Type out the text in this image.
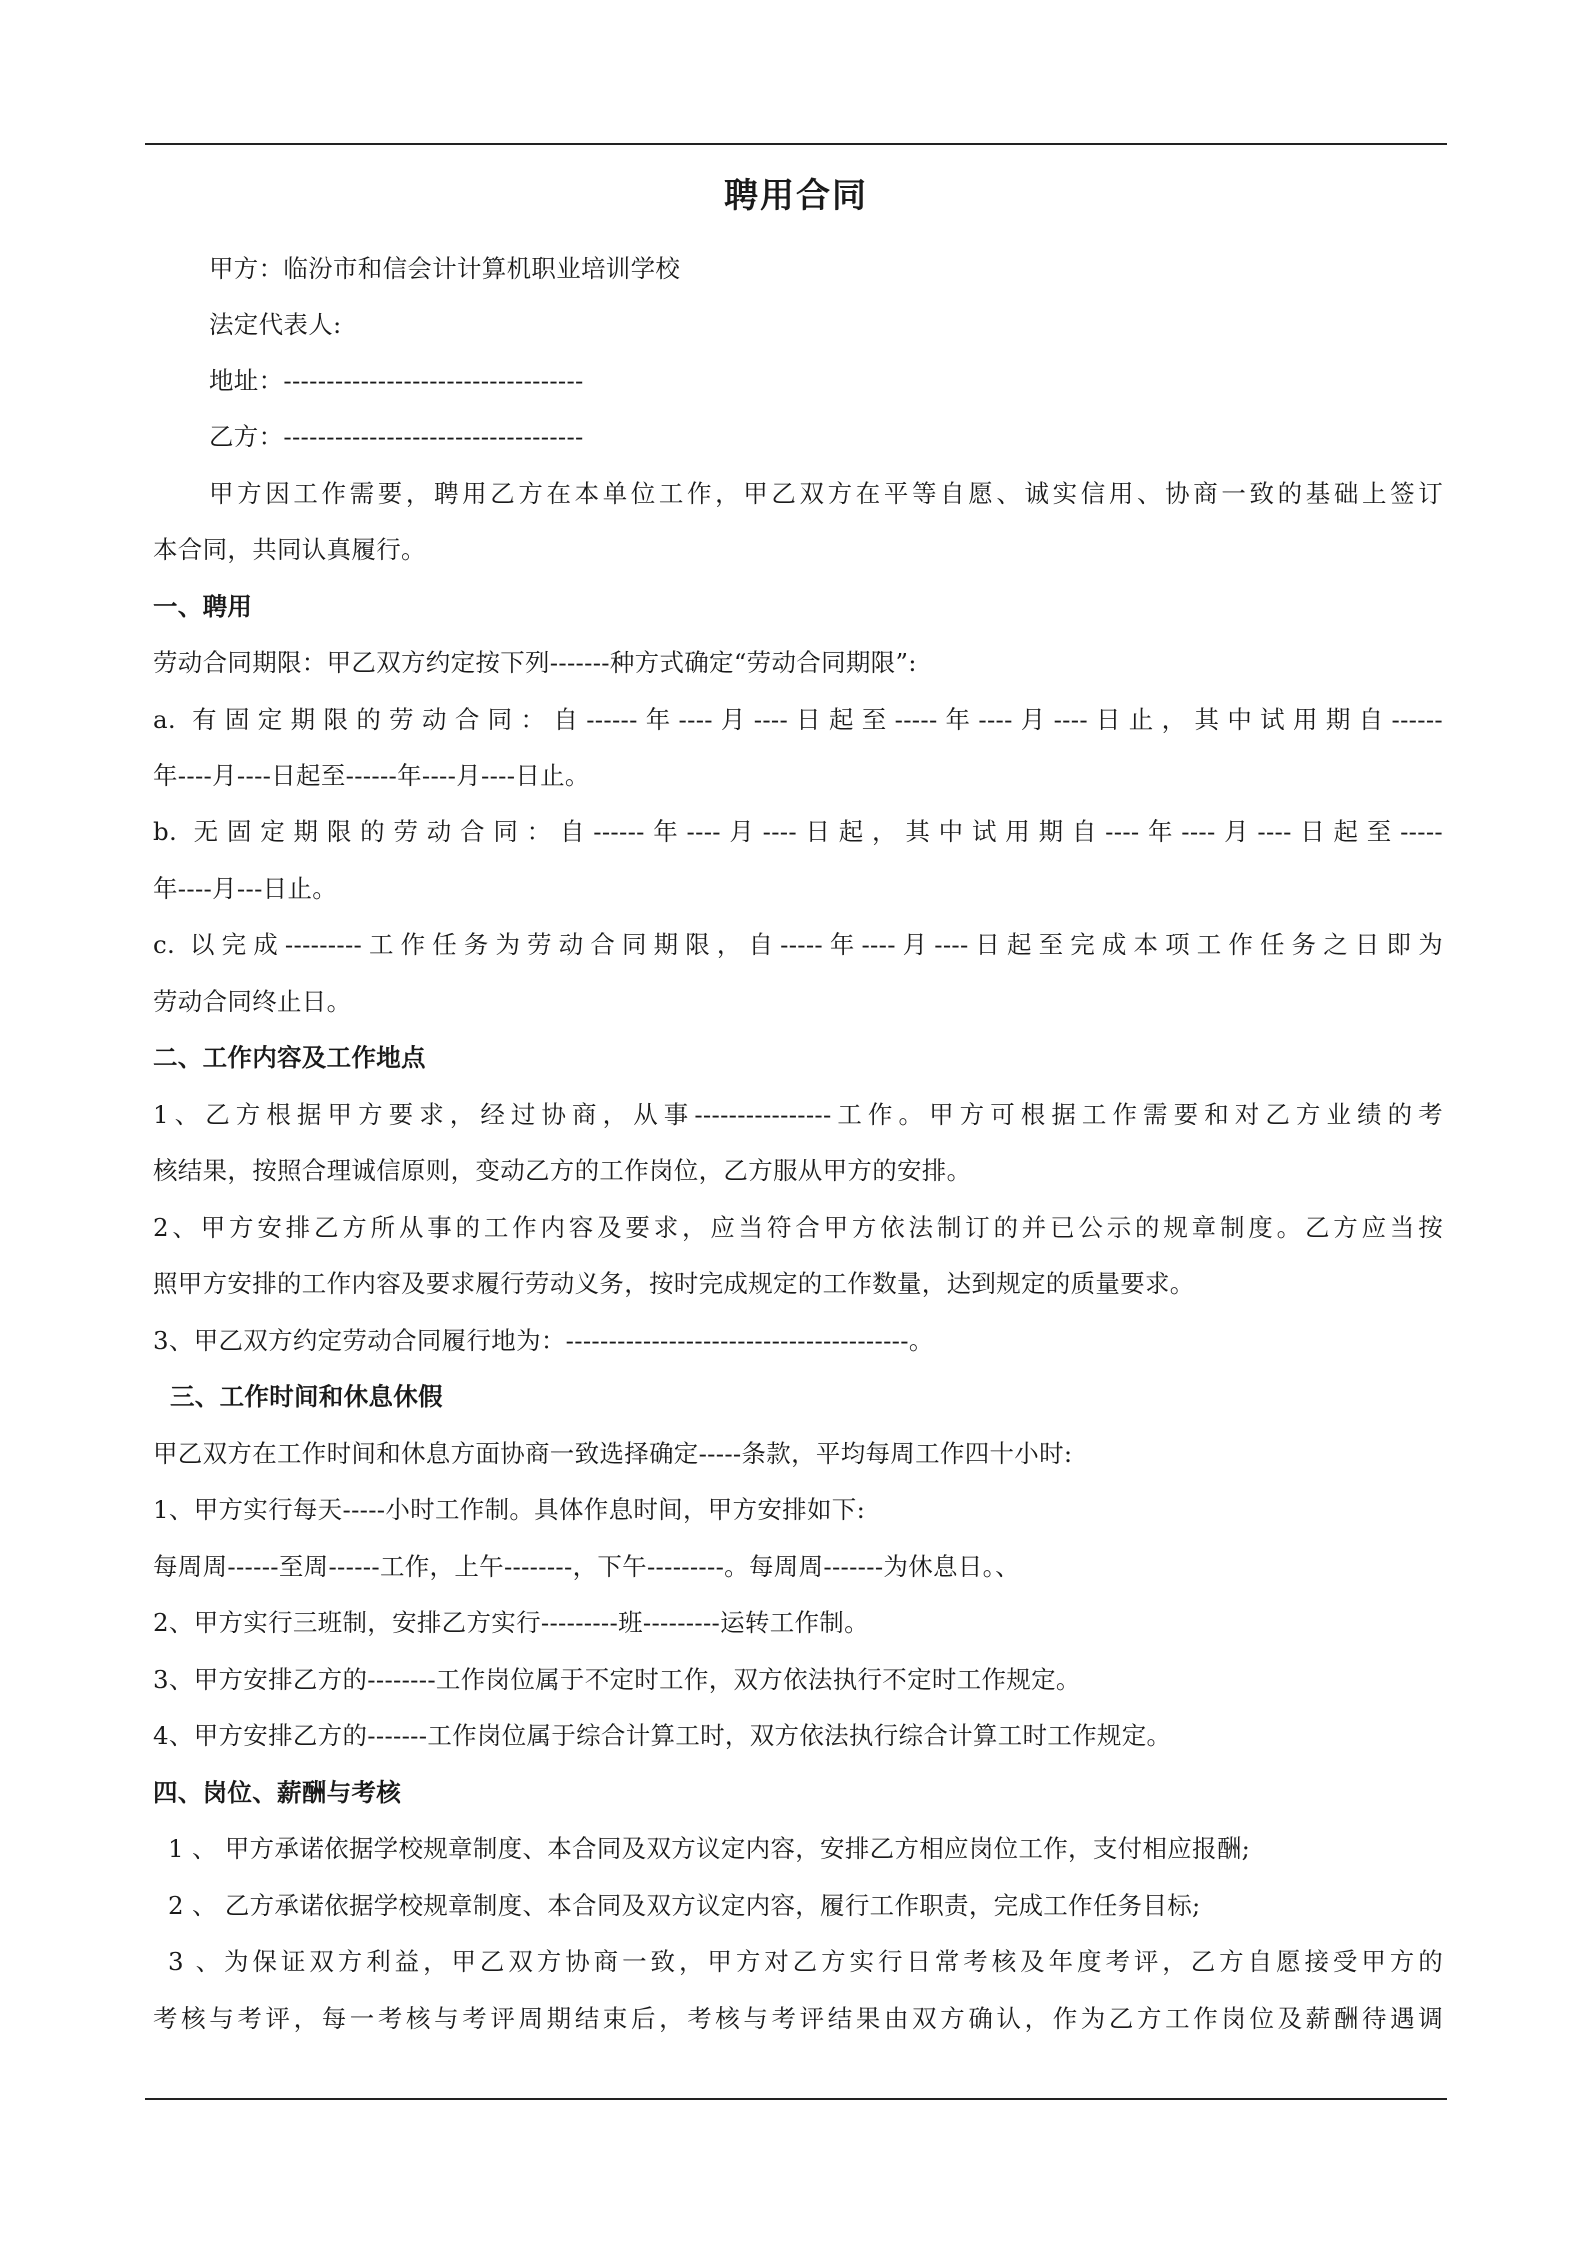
聘用合同
甲方：临汾市和信会计计算机职业培训学校
法定代表人:
地址：-----------------------------------
乙方：-----------------------------------
甲方因工作需要，聘用乙方在本单位工作，甲乙双方在平等自愿、诚实信用、协商一致的基础上签订
本合同，共同认真履行。
一、聘用
劳动合同期限：甲乙双方约定按下列-------种方式确定“劳动合同期限”:
a. 有固定期限的劳动合同：自------年----月----日起至-----年----月----日止，其中试用期自------
年----月----日起至------年----月----日止。
b. 无固定期限的劳动合同：自------年----月----日起，其中试用期自----年----月----日起至-----
年----月---日止。
c. 以完成---------工作任务为劳动合同期限，自-----年----月----日起至完成本项工作任务之日即为
劳动合同终止日。
二、工作内容及工作地点
1、乙方根据甲方要求，经过协商，从事----------------工作。甲方可根据工作需要和对乙方业绩的考
核结果，按照合理诚信原则，变动乙方的工作岗位，乙方服从甲方的安排。
2、甲方安排乙方所从事的工作内容及要求，应当符合甲方依法制订的并已公示的规章制度。乙方应当按
照甲方安排的工作内容及要求履行劳动义务，按时完成规定的工作数量，达到规定的质量要求。
3、甲乙双方约定劳动合同履行地为：----------------------------------------。
三、工作时间和休息休假
甲乙双方在工作时间和休息方面协商一致选择确定-----条款，平均每周工作四十小时:
1、甲方实行每天-----小时工作制。具体作息时间，甲方安排如下:
每周周------至周------工作，上午--------，下午---------。每周周-------为休息日。、
2、甲方实行三班制，安排乙方实行---------班---------运转工作制。
3、甲方安排乙方的--------工作岗位属于不定时工作，双方依法执行不定时工作规定。
4、甲方安排乙方的-------工作岗位属于综合计算工时，双方依法执行综合计算工时工作规定。
四、岗位、薪酬与考核
1 、 甲方承诺依据学校规章制度、本合同及双方议定内容，安排乙方相应岗位工作，支付相应报酬;
2 、 乙方承诺依据学校规章制度、本合同及双方议定内容，履行工作职责，完成工作任务目标;
3 、为保证双方利益，甲乙双方协商一致，甲方对乙方实行日常考核及年度考评，乙方自愿接受甲方的
考核与考评，每一考核与考评周期结束后，考核与考评结果由双方确认，作为乙方工作岗位及薪酬待遇调
